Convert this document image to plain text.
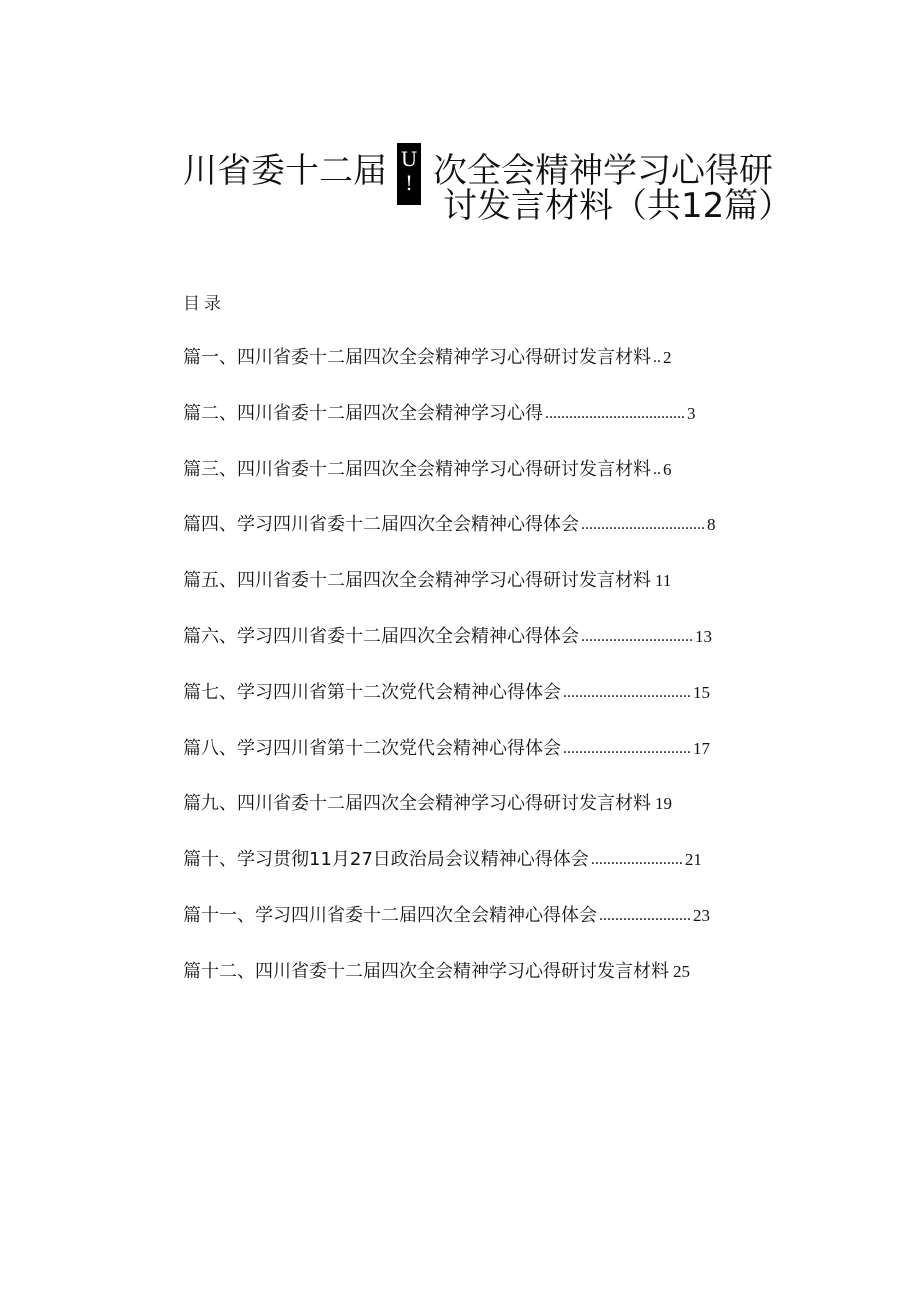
川省委十二届 U
! 次全会精神学习心得研
讨发言材料（共12篇）
目录
篇一、四川省委十二届四次全会精神学习心得研讨发言材料 .. 2
篇二、四川省委十二届四次全会精神学习心得 ................................... 3
篇三、四川省委十二届四次全会精神学习心得研讨发言材料 .. 6
篇四、学习四川省委十二届四次全会精神心得体会 ............................... 8
篇五、四川省委十二届四次全会精神学习心得研讨发言材料 11
篇六、学习四川省委十二届四次全会精神心得体会 ............................ 13
篇七、学习四川省第十二次党代会精神心得体会 ................................ 15
篇八、学习四川省第十二次党代会精神心得体会 ................................ 17
篇九、四川省委十二届四次全会精神学习心得研讨发言材料 19
篇十、学习贯彻11月27日政治局会议精神心得体会 ....................... 21
篇十一、学习四川省委十二届四次全会精神心得体会 ....................... 23
篇十二、四川省委十二届四次全会精神学习心得研讨发言材料 25
